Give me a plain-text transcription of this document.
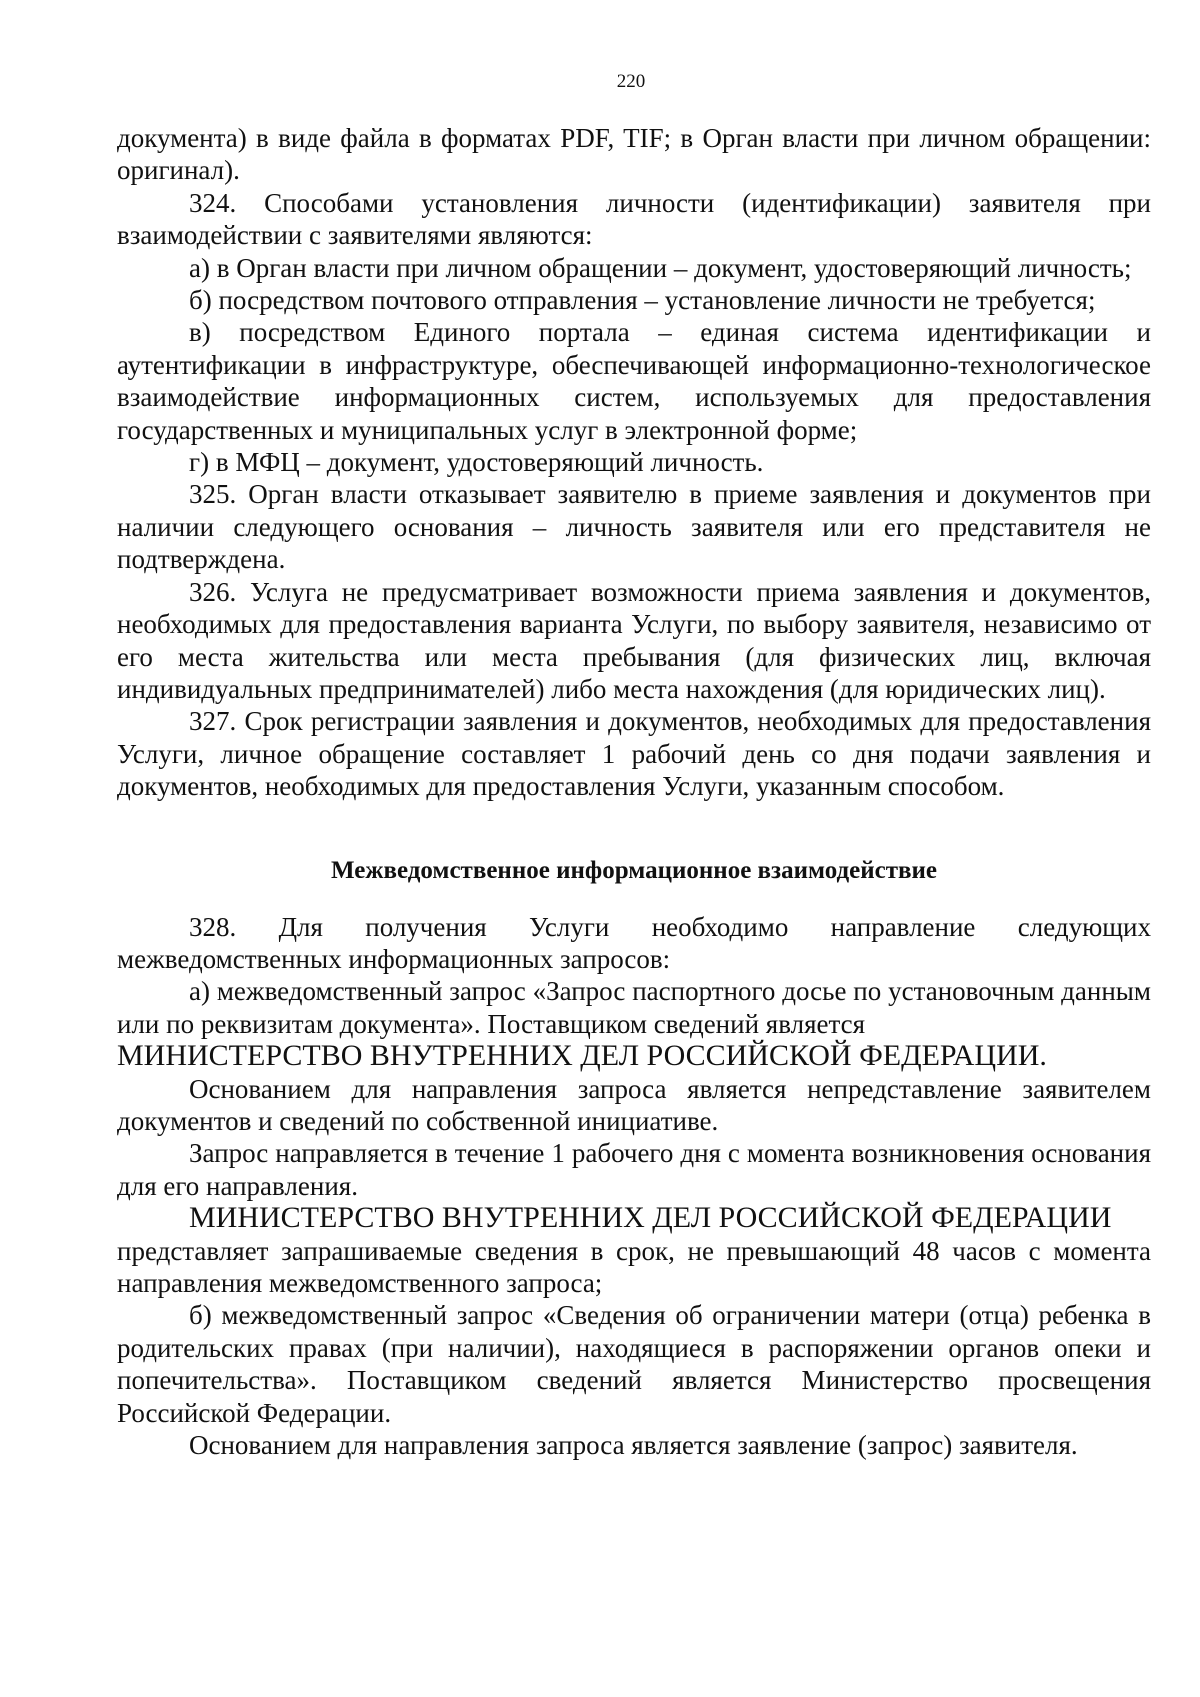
220

документа) в виде файла в форматах PDF, TIF; в Орган власти при личном обращении: оригинал).

324. Способами установления личности (идентификации) заявителя при взаимодействии с заявителями являются:

а) в Орган власти при личном обращении – документ, удостоверяющий личность;

б) посредством почтового отправления – установление личности не требуется;

в) посредством Единого портала – единая система идентификации и аутентификации в инфраструктуре, обеспечивающей информационно-технологическое взаимодействие информационных систем, используемых для предоставления государственных и муниципальных услуг в электронной форме;

г) в МФЦ – документ, удостоверяющий личность.

325. Орган власти отказывает заявителю в приеме заявления и документов при наличии следующего основания – личность заявителя или его представителя не подтверждена.

326. Услуга не предусматривает возможности приема заявления и документов, необходимых для предоставления варианта Услуги, по выбору заявителя, независимо от его места жительства или места пребывания (для физических лиц, включая индивидуальных предпринимателей) либо места нахождения (для юридических лиц).

327. Срок регистрации заявления и документов, необходимых для предоставления Услуги, личное обращение составляет 1 рабочий день со дня подачи заявления и документов, необходимых для предоставления Услуги, указанным способом.

Межведомственное информационное взаимодействие

328. Для получения Услуги необходимо направление следующих межведомственных информационных запросов:

а) межведомственный запрос «Запрос паспортного досье по установочным данным или по реквизитам документа». Поставщиком сведений является

МИНИСТЕРСТВО ВНУТРЕННИХ ДЕЛ РОССИЙСКОЙ ФЕДЕРАЦИИ.

Основанием для направления запроса является непредставление заявителем документов и сведений по собственной инициативе.

Запрос направляется в течение 1 рабочего дня с момента возникновения основания для его направления.

МИНИСТЕРСТВО ВНУТРЕННИХ ДЕЛ РОССИЙСКОЙ ФЕДЕРАЦИИ

представляет запрашиваемые сведения в срок, не превышающий 48 часов с момента направления межведомственного запроса;

б) межведомственный запрос «Сведения об ограничении матери (отца) ребенка в родительских правах (при наличии), находящиеся в распоряжении органов опеки и попечительства». Поставщиком сведений является Министерство просвещения Российской Федерации.

Основанием для направления запроса является заявление (запрос) заявителя.
